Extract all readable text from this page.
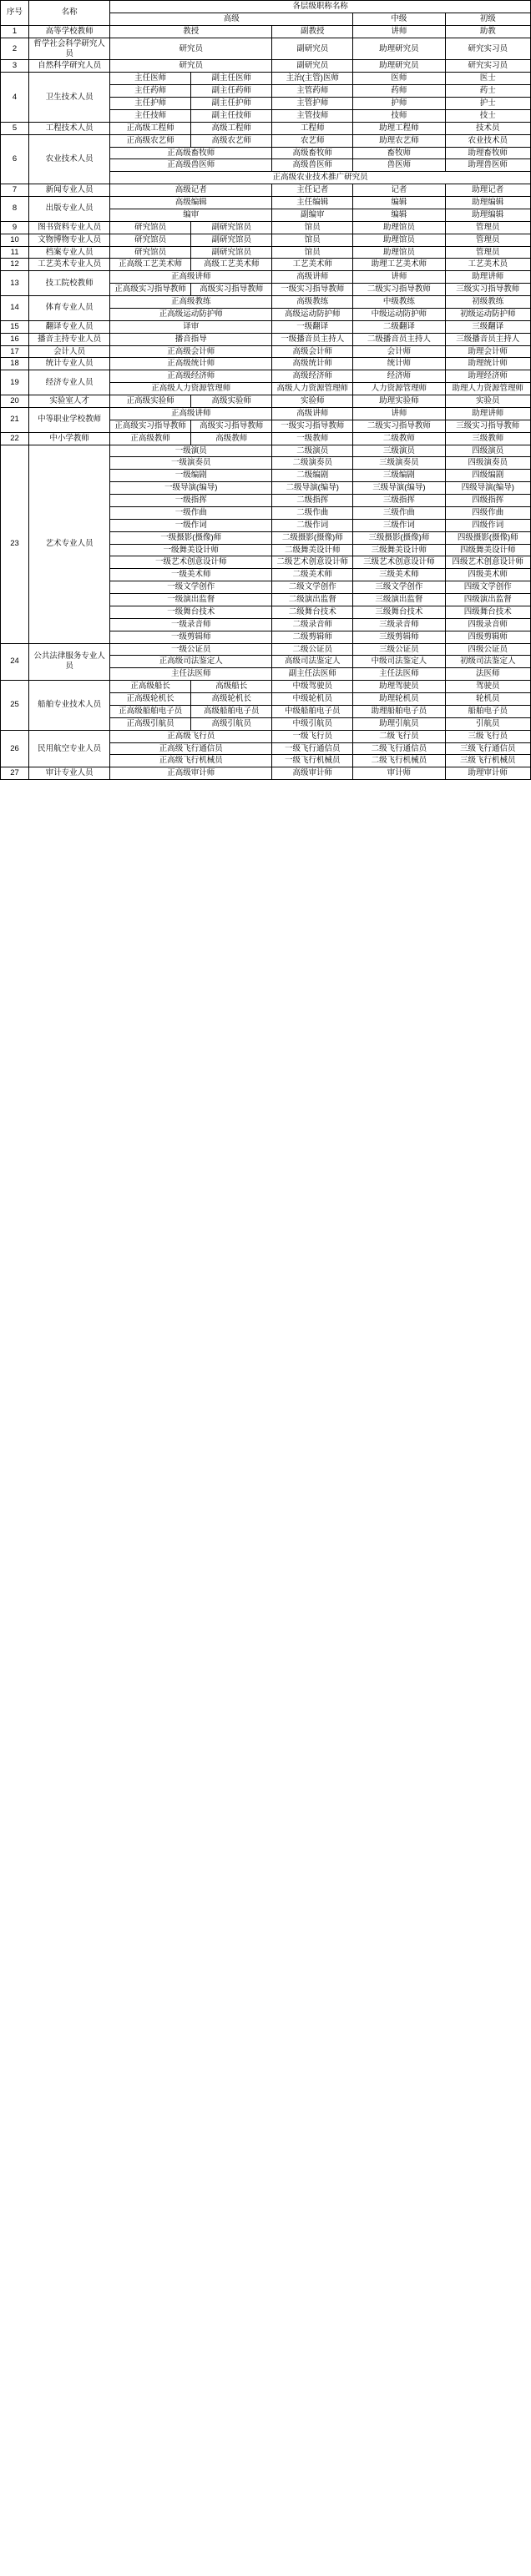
序号	名称	各层级职称名称				
		高级			中级	初级
1	高等学校教师	教授		副教授	讲师	助教
2	哲学社会科学研究人员	研究员		副研究员	助理研究员	研究实习员
3	自然科学研究人员	研究员		副研究员	助理研究员	研究实习员
4	卫生技术人员	主任医师	副主任医师	主治(主管)医师	医师	医士
		主任药师	副主任药师	主管药师	药师	药士
		主任护师	副主任护师	主管护师	护师	护士
		主任技师	副主任技师	主管技师	技师	技士
5	工程技术人员	正高级工程师	高级工程师	工程师	助理工程师	技术员
6	农业技术人员	正高级农艺师	高级农艺师	农艺师	助理农艺师	农业技术员
		正高级畜牧师		高级畜牧师	畜牧师	助理畜牧师
		正高级兽医师		高级兽医师	兽医师	助理兽医师
		正高级农业技术推广研究员				
7	新闻专业人员	高级记者		主任记者	记者	助理记者
8	出版专业人员	高级编辑		主任编辑	编辑	助理编辑
		编审		副编审	编辑	助理编辑
9	图书资料专业人员	研究馆员	副研究馆员	馆员	助理馆员	管理员
10	文物博物专业人员	研究馆员	副研究馆员	馆员	助理馆员	管理员
11	档案专业人员	研究馆员	副研究馆员	馆员	助理馆员	管理员
12	工艺美术专业人员	正高级工艺美术师	高级工艺美术师	工艺美术师	助理工艺美术师	工艺美术员
13	技工院校教师	正高级讲师		高级讲师	讲师	助理讲师
		正高级实习指导教师	高级实习指导教师	一级实习指导教师	二级实习指导教师	三级实习指导教师
14	体育专业人员	正高级教练		高级教练	中级教练	初级教练
		正高级运动防护师		高级运动防护师	中级运动防护师	初级运动防护师
15	翻译专业人员	译审		一级翻译	二级翻译	三级翻译
16	播音主持专业人员	播音指导		一级播音员主持人	二级播音员主持人	三级播音员主持人
17	会计人员	正高级会计师		高级会计师	会计师	助理会计师
18	统计专业人员	正高级统计师		高级统计师	统计师	助理统计师
19	经济专业人员	正高级经济师		高级经济师	经济师	助理经济师
		正高级人力资源管理师		高级人力资源管理师	人力资源管理师	助理人力资源管理师
20	实验室人才	正高级实验师	高级实验师	实验师	助理实验师	实验员
21	中等职业学校教师	正高级讲师		高级讲师	讲师	助理讲师
		正高级实习指导教师	高级实习指导教师	一级实习指导教师	二级实习指导教师	三级实习指导教师
22	中小学教师	正高级教师	高级教师	一级教师	二级教师	三级教师
23	艺术专业人员	一级演员		二级演员	三级演员	四级演员
		一级演奏员		二级演奏员	三级演奏员	四级演奏员
		一级编剧		二级编剧	三级编剧	四级编剧
		一级导演(编导)		二级导演(编导)	三级导演(编导)	四级导演(编导)
		一级指挥		二级指挥	三级指挥	四级指挥
		一级作曲		二级作曲	三级作曲	四级作曲
		一级作词		二级作词	三级作词	四级作词
		一级摄影(摄像)师		二级摄影(摄像)师	三级摄影(摄像)师	四级摄影(摄像)师
		一级舞美设计师		二级舞美设计师	三级舞美设计师	四级舞美设计师
		一级艺术创意设计师		二级艺术创意设计师	三级艺术创意设计师	四级艺术创意设计师
		一级美术师		二级美术师	三级美术师	四级美术师
		一级文学创作		二级文学创作	三级文学创作	四级文学创作
		一级演出监督		二级演出监督	三级演出监督	四级演出监督
		一级舞台技术		二级舞台技术	三级舞台技术	四级舞台技术
		一级录音师		二级录音师	三级录音师	四级录音师
		一级剪辑师		二级剪辑师	三级剪辑师	四级剪辑师
24	公共法律服务专业人员	一级公证员		二级公证员	三级公证员	四级公证员
		正高级司法鉴定人		高级司法鉴定人	中级司法鉴定人	初级司法鉴定人
		主任法医师		副主任法医师	主任法医师	法医师
25	船舶专业技术人员	正高级船长	高级船长	中级驾驶员	助理驾驶员	驾驶员
		正高级轮机长	高级轮机长	中级轮机员	助理轮机员	轮机员
		正高级船舶电子员	高级船舶电子员	中级船舶电子员	助理船舶电子员	船舶电子员
		正高级引航员	高级引航员	中级引航员	助理引航员	引航员
26	民用航空专业人员	正高级飞行员		一级飞行员	二级飞行员	三级飞行员
		正高级飞行通信员		一级飞行通信员	二级飞行通信员	三级飞行通信员
		正高级飞行机械员		一级飞行机械员	二级飞行机械员	三级飞行机械员
27	审计专业人员	正高级审计师		高级审计师	审计师	助理审计师
